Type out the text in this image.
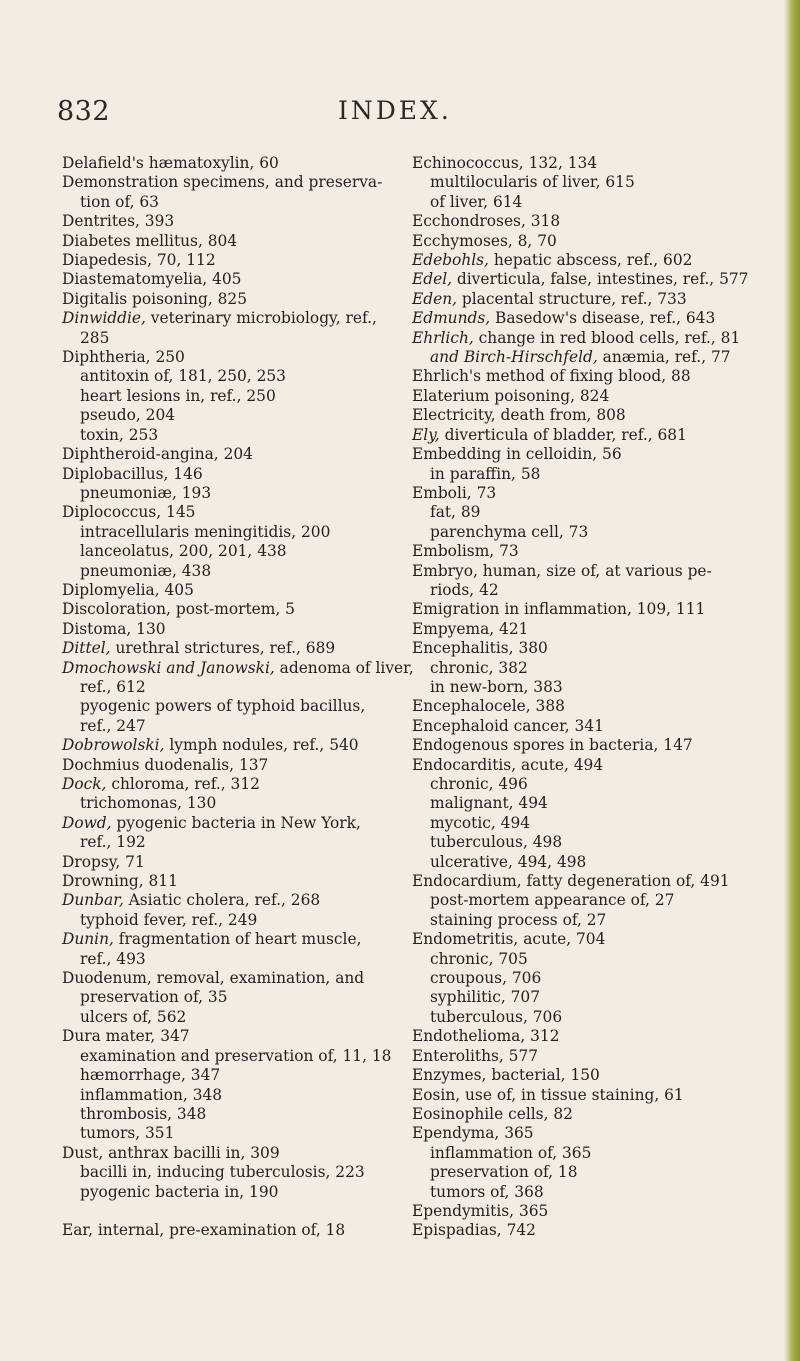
832	INDEX.
Delafield's hæmatoxylin, 60
Demonstration specimens, and preserva-
tion of, 63
Dentrites, 393
Diabetes mellitus, 804
Diapedesis, 70, 112
Diastematomyelia, 405
Digitalis poisoning, 825
Dinwiddie, veterinary microbiology, ref.,
285
Diphtheria, 250
antitoxin of, 181, 250, 253
heart lesions in, ref., 250
pseudo, 204
toxin, 253
Diphtheroid-angina, 204
Diplobacillus, 146
pneumoniæ, 193
Diplococcus, 145
intracellularis meningitidis, 200
lanceolatus, 200, 201, 438
pneumoniæ, 438
Diplomyelia, 405
Discoloration, post-mortem, 5
Distoma, 130
Dittel, urethral strictures, ref., 689
Dmochowski and Janowski, adenoma of liver,
ref., 612
pyogenic powers of typhoid bacillus,
ref., 247
Dobrowolski, lymph nodules, ref., 540
Dochmius duodenalis, 137
Dock, chloroma, ref., 312
trichomonas, 130
Dowd, pyogenic bacteria in New York,
ref., 192
Dropsy, 71
Drowning, 811
Dunbar, Asiatic cholera, ref., 268
typhoid fever, ref., 249
Dunin, fragmentation of heart muscle,
ref., 493
Duodenum, removal, examination, and
preservation of, 35
ulcers of, 562
Dura mater, 347
examination and preservation of, 11, 18
hæmorrhage, 347
inflammation, 348
thrombosis, 348
tumors, 351
Dust, anthrax bacilli in, 309
bacilli in, inducing tuberculosis, 223
pyogenic bacteria in, 190
Ear, internal, pre-examination of, 18
Echinococcus, 132, 134
multilocularis of liver, 615
of liver, 614
Ecchondroses, 318
Ecchymoses, 8, 70
Edebohls, hepatic abscess, ref., 602
Edel, diverticula, false, intestines, ref., 577
Eden, placental structure, ref., 733
Edmunds, Basedow's disease, ref., 643
Ehrlich, change in red blood cells, ref., 81
and Birch-Hirschfeld, anæmia, ref., 77
Ehrlich's method of fixing blood, 88
Elaterium poisoning, 824
Electricity, death from, 808
Ely, diverticula of bladder, ref., 681
Embedding in celloidin, 56
in paraffin, 58
Emboli, 73
fat, 89
parenchyma cell, 73
Embolism, 73
Embryo, human, size of, at various pe-
riods, 42
Emigration in inflammation, 109, 111
Empyema, 421
Encephalitis, 380
chronic, 382
in new-born, 383
Encephalocele, 388
Encephaloid cancer, 341
Endogenous spores in bacteria, 147
Endocarditis, acute, 494
chronic, 496
malignant, 494
mycotic, 494
tuberculous, 498
ulcerative, 494, 498
Endocardium, fatty degeneration of, 491
post-mortem appearance of, 27
staining process of, 27
Endometritis, acute, 704
chronic, 705
croupous, 706
syphilitic, 707
tuberculous, 706
Endothelioma, 312
Enteroliths, 577
Enzymes, bacterial, 150
Eosin, use of, in tissue staining, 61
Eosinophile cells, 82
Ependyma, 365
inflammation of, 365
preservation of, 18
tumors of, 368
Ependymitis, 365
Epispadias, 742
